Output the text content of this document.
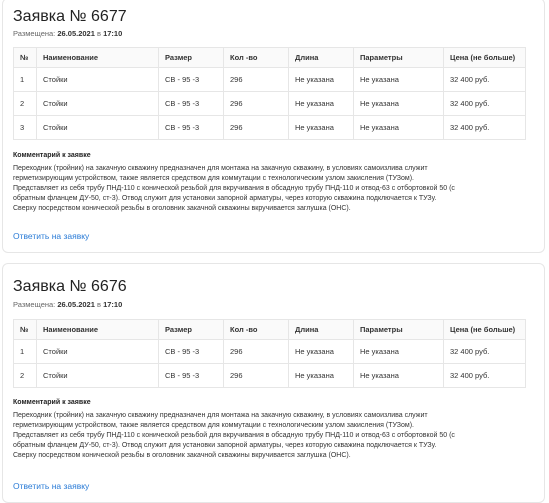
Заявка № 6677
Размещена: 26.05.2021 в 17:10
№	Наименование	Размер	Кол -во	Длина	Параметры	Цена (не больше)
1	Стойки	СВ - 95 -3	296	Не указана	Не указана	32 400 руб.
2	Стойки	СВ - 95 -3	296	Не указана	Не указана	32 400 руб.
3	Стойки	СВ - 95 -3	296	Не указана	Не указана	32 400 руб.
Комментарий к заявке
Переходник (тройник) на закачную скважину предназначен для монтажа на закачную скважину, в условиях самоизлива служит
герметизирующим устройством, также является средством для коммутации с технологическим узлом закисления (ТУЗом).
Представляет из себя трубу ПНД-110 с конической резьбой для вкручивания в обсадную трубу ПНД-110 и отвод-63 с отбортовкой 50 (с
обратным фланцем ДУ-50, ст-3). Отвод служит для установки запорной арматуры, через которую скважина подключается к ТУЗу.
Сверху посредством конической резьбы в оголовник закачной скважины вкручивается заглушка (ОНС).
Ответить на заявку
Заявка № 6676
Размещена: 26.05.2021 в 17:10
№	Наименование	Размер	Кол -во	Длина	Параметры	Цена (не больше)
1	Стойки	СВ - 95 -3	296	Не указана	Не указана	32 400 руб.
2	Стойки	СВ - 95 -3	296	Не указана	Не указана	32 400 руб.
Комментарий к заявке
Переходник (тройник) на закачную скважину предназначен для монтажа на закачную скважину, в условиях самоизлива служит
герметизирующим устройством, также является средством для коммутации с технологическим узлом закисления (ТУЗом).
Представляет из себя трубу ПНД-110 с конической резьбой для вкручивания в обсадную трубу ПНД-110 и отвод-63 с отбортовкой 50 (с
обратным фланцем ДУ-50, ст-3). Отвод служит для установки запорной арматуры, через которую скважина подключается к ТУЗу.
Сверху посредством конической резьбы в оголовник закачной скважины вкручивается заглушка (ОНС).
Ответить на заявку
